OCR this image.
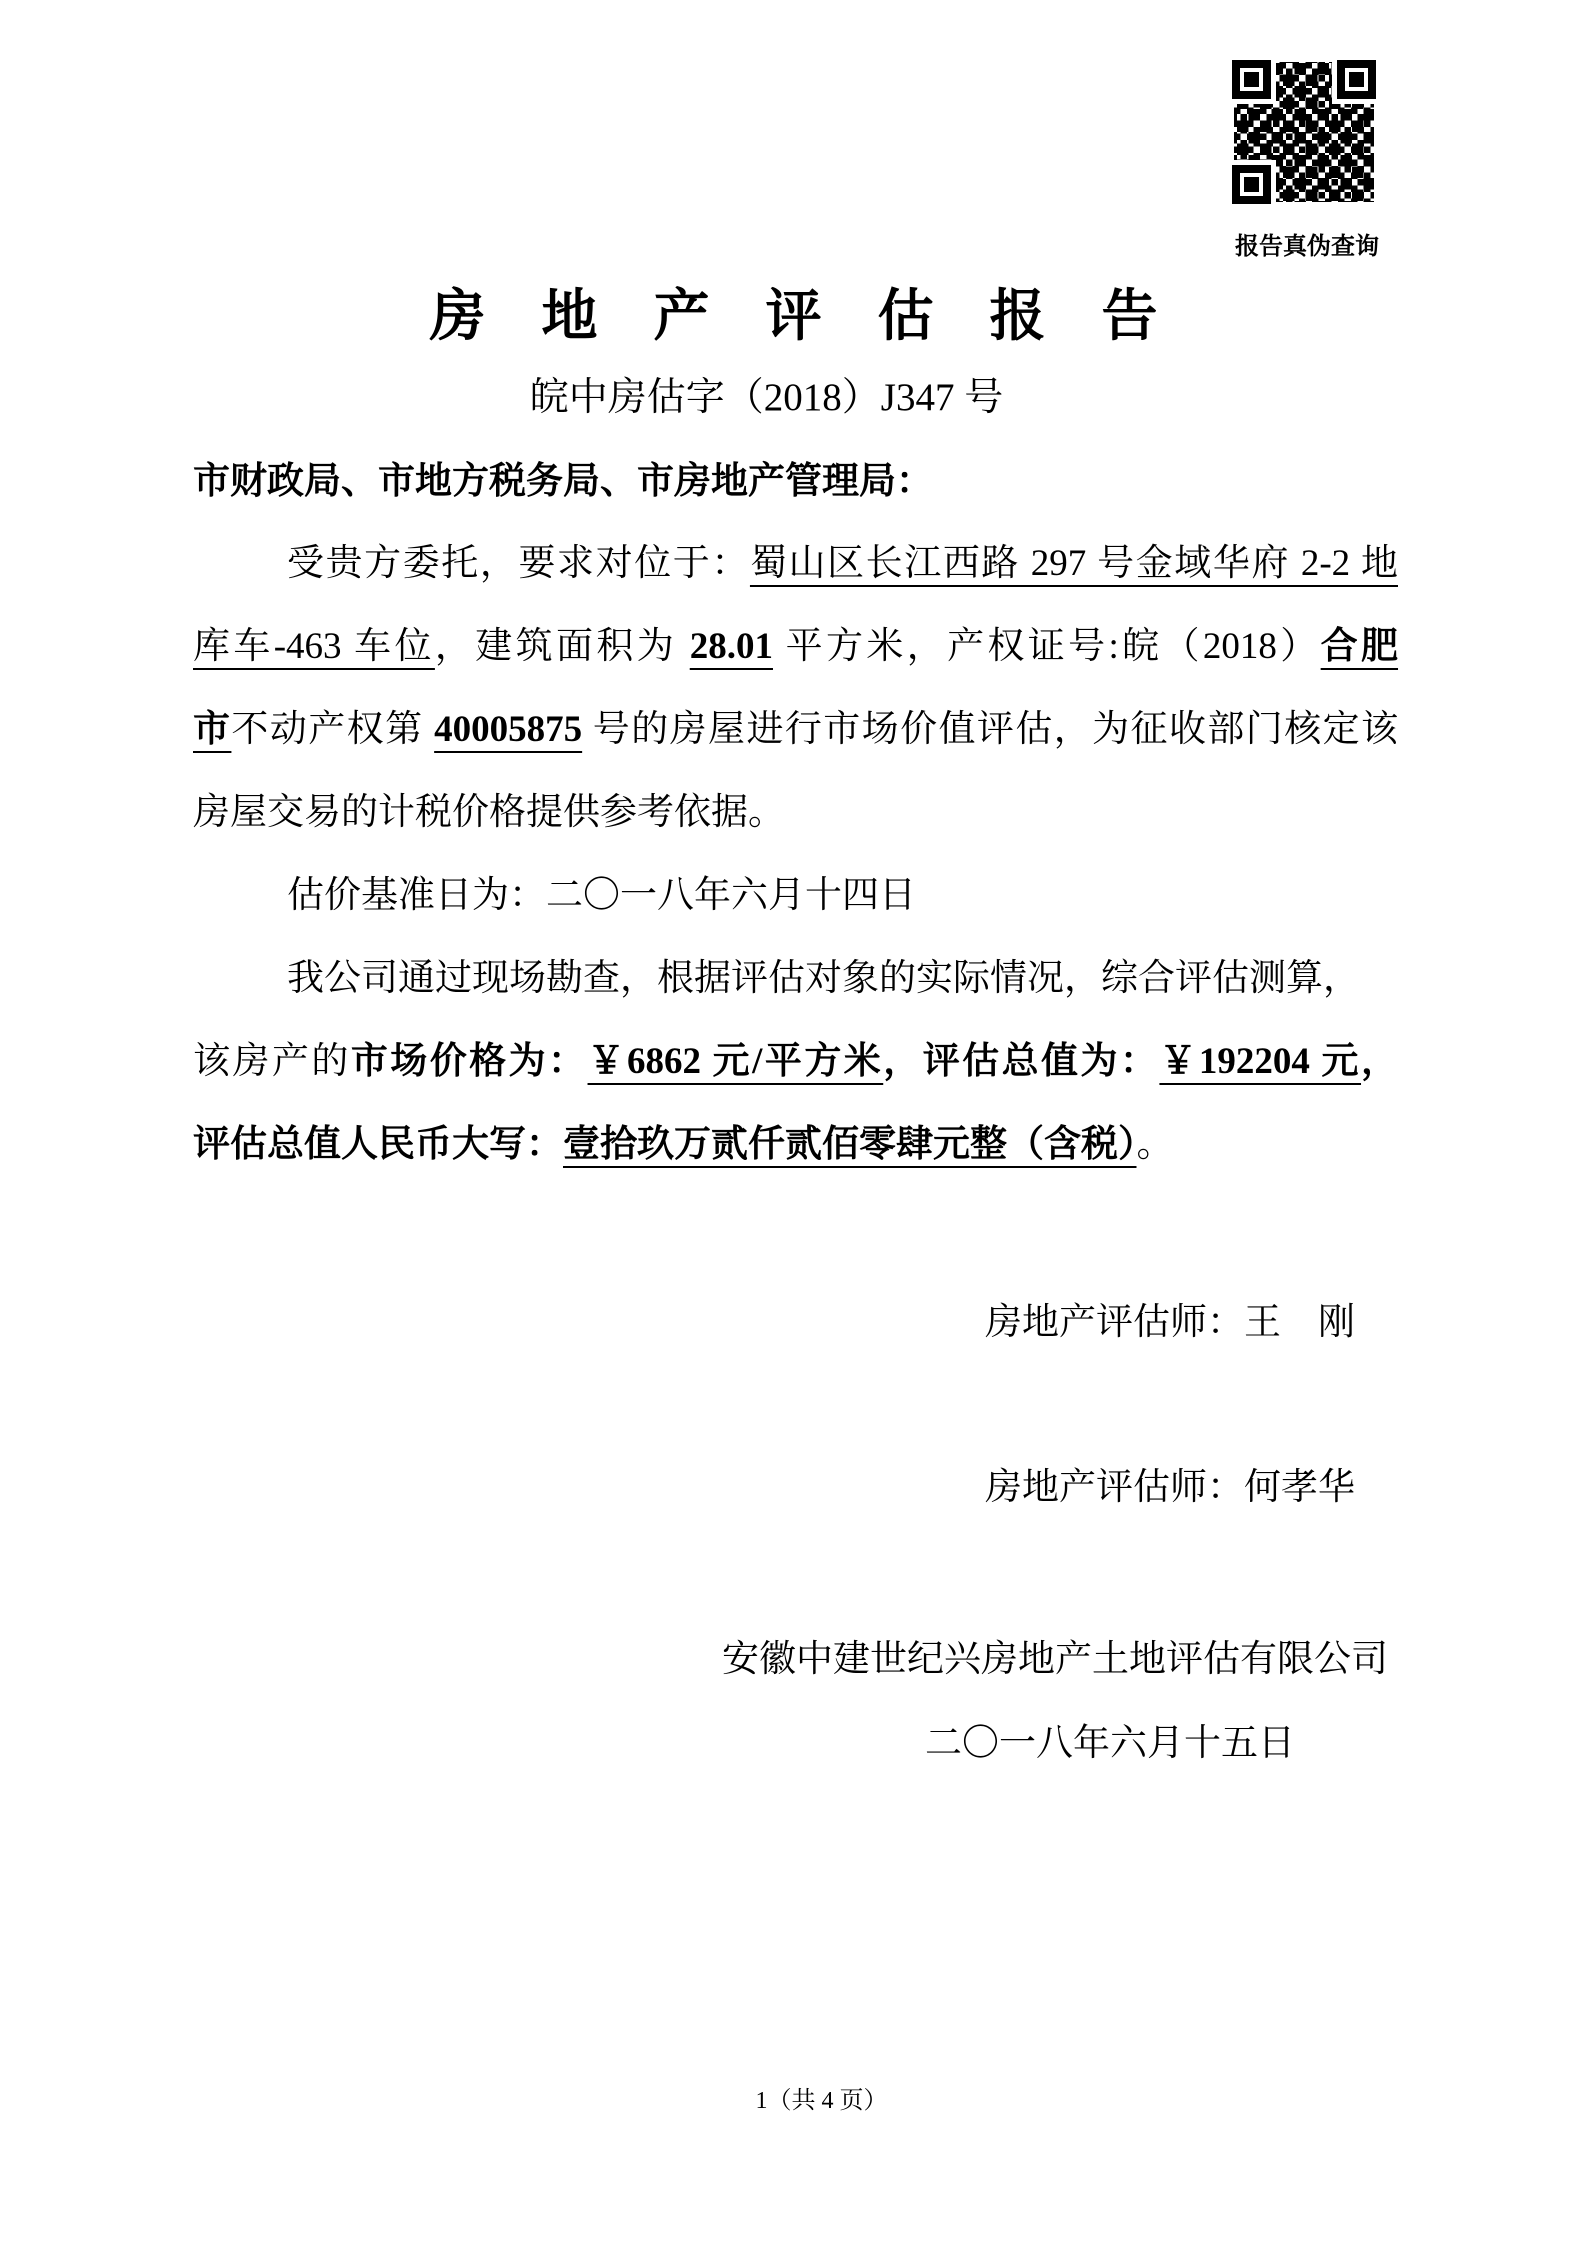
报告真伪查询
房地产评估报告
皖中房估字（2018）J347 号
市财政局、市地方税务局、市房地产管理局：
受贵方委托，要求对位于：蜀山区长江西路 297 号金域华府 2-2 地
库车-463 车位，建筑面积为 28.01 平方米，产权证号:皖（2018）合肥
市不动产权第 40005875 号的房屋进行市场价值评估，为征收部门核定该
房屋交易的计税价格提供参考依据。
估价基准日为：二〇一八年六月十四日
我公司通过现场勘查，根据评估对象的实际情况，综合评估测算，
该房产的市场价格为：￥6862 元/平方米，评估总值为：￥192204 元，
评估总值人民币大写：壹拾玖万贰仟贰佰零肆元整（含税）。
房地产评估师：王　刚
房地产评估师：何孝华
安徽中建世纪兴房地产土地评估有限公司
二〇一八年六月十五日
1（共 4 页）
